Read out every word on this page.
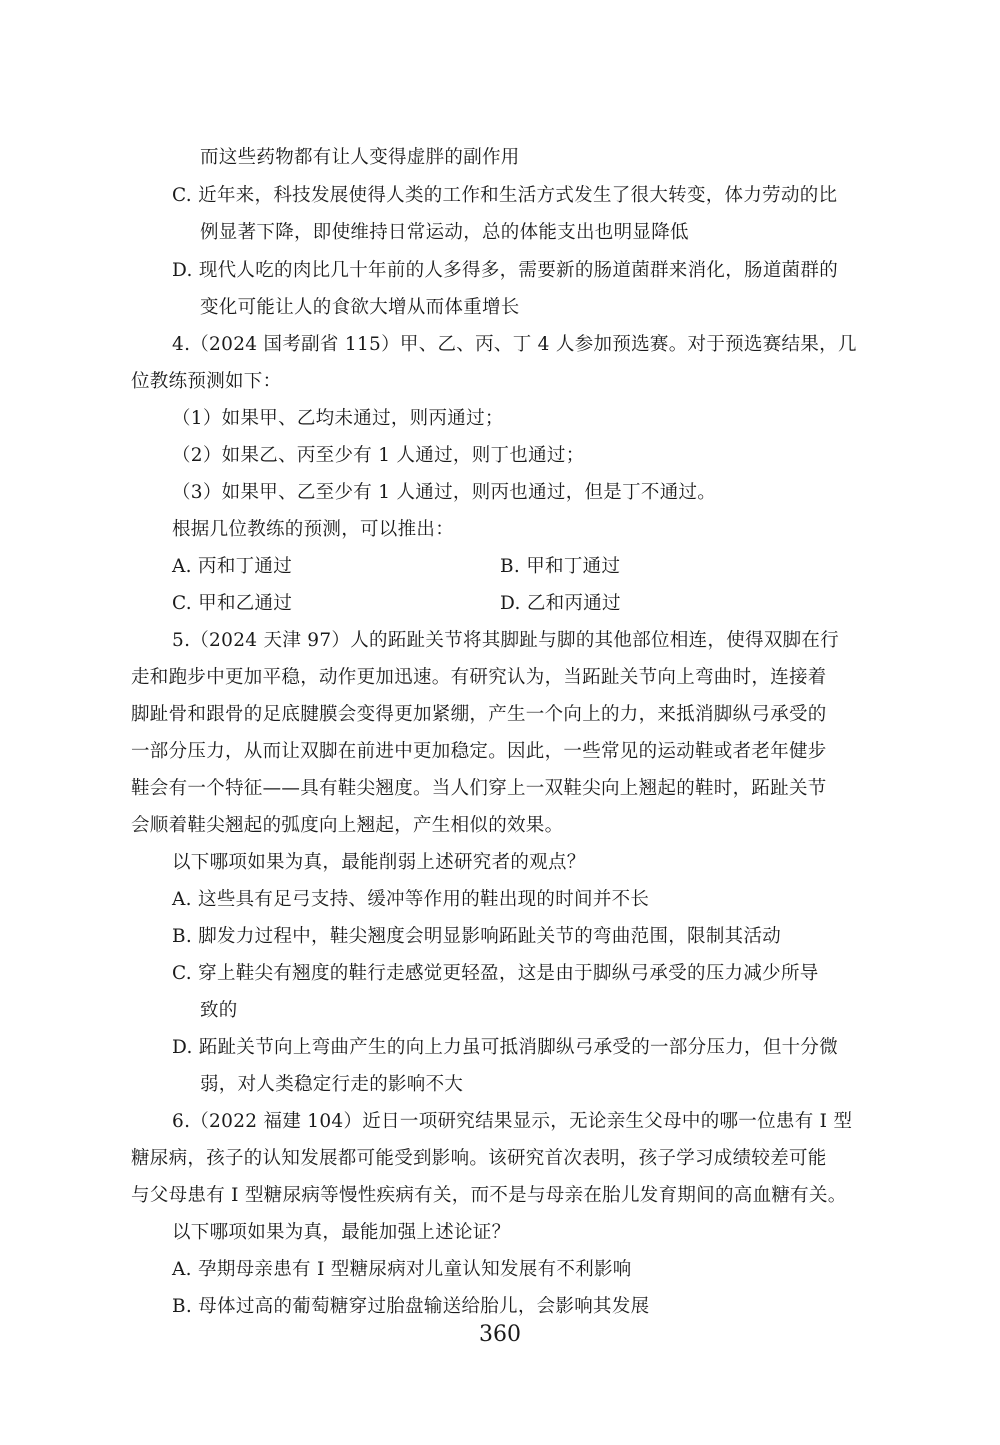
而这些药物都有让人变得虚胖的副作用
C. 近年来，科技发展使得人类的工作和生活方式发生了很大转变，体力劳动的比
例显著下降，即使维持日常运动，总的体能支出也明显降低
D. 现代人吃的肉比几十年前的人多得多，需要新的肠道菌群来消化，肠道菌群的
变化可能让人的食欲大增从而体重增长
4.（2024 国考副省 115）甲、乙、丙、丁 4 人参加预选赛。对于预选赛结果，几
位教练预测如下：
（1）如果甲、乙均未通过，则丙通过；
（2）如果乙、丙至少有 1 人通过，则丁也通过；
（3）如果甲、乙至少有 1 人通过，则丙也通过，但是丁不通过。
根据几位教练的预测，可以推出：
A. 丙和丁通过	B. 甲和丁通过
C. 甲和乙通过	D. 乙和丙通过
5.（2024 天津 97）人的跖趾关节将其脚趾与脚的其他部位相连，使得双脚在行
走和跑步中更加平稳，动作更加迅速。有研究认为，当跖趾关节向上弯曲时，连接着
脚趾骨和跟骨的足底腱膜会变得更加紧绷，产生一个向上的力，来抵消脚纵弓承受的
一部分压力，从而让双脚在前进中更加稳定。因此，一些常见的运动鞋或者老年健步
鞋会有一个特征——具有鞋尖翘度。当人们穿上一双鞋尖向上翘起的鞋时，跖趾关节
会顺着鞋尖翘起的弧度向上翘起，产生相似的效果。
以下哪项如果为真，最能削弱上述研究者的观点？
A. 这些具有足弓支持、缓冲等作用的鞋出现的时间并不长
B. 脚发力过程中，鞋尖翘度会明显影响跖趾关节的弯曲范围，限制其活动
C. 穿上鞋尖有翘度的鞋行走感觉更轻盈，这是由于脚纵弓承受的压力减少所导
致的
D. 跖趾关节向上弯曲产生的向上力虽可抵消脚纵弓承受的一部分压力，但十分微
弱，对人类稳定行走的影响不大
6.（2022 福建 104）近日一项研究结果显示，无论亲生父母中的哪一位患有 I 型
糖尿病，孩子的认知发展都可能受到影响。该研究首次表明，孩子学习成绩较差可能
与父母患有 I 型糖尿病等慢性疾病有关，而不是与母亲在胎儿发育期间的高血糖有关。
以下哪项如果为真，最能加强上述论证？
A. 孕期母亲患有 I 型糖尿病对儿童认知发展有不利影响
B. 母体过高的葡萄糖穿过胎盘输送给胎儿，会影响其发展
360
